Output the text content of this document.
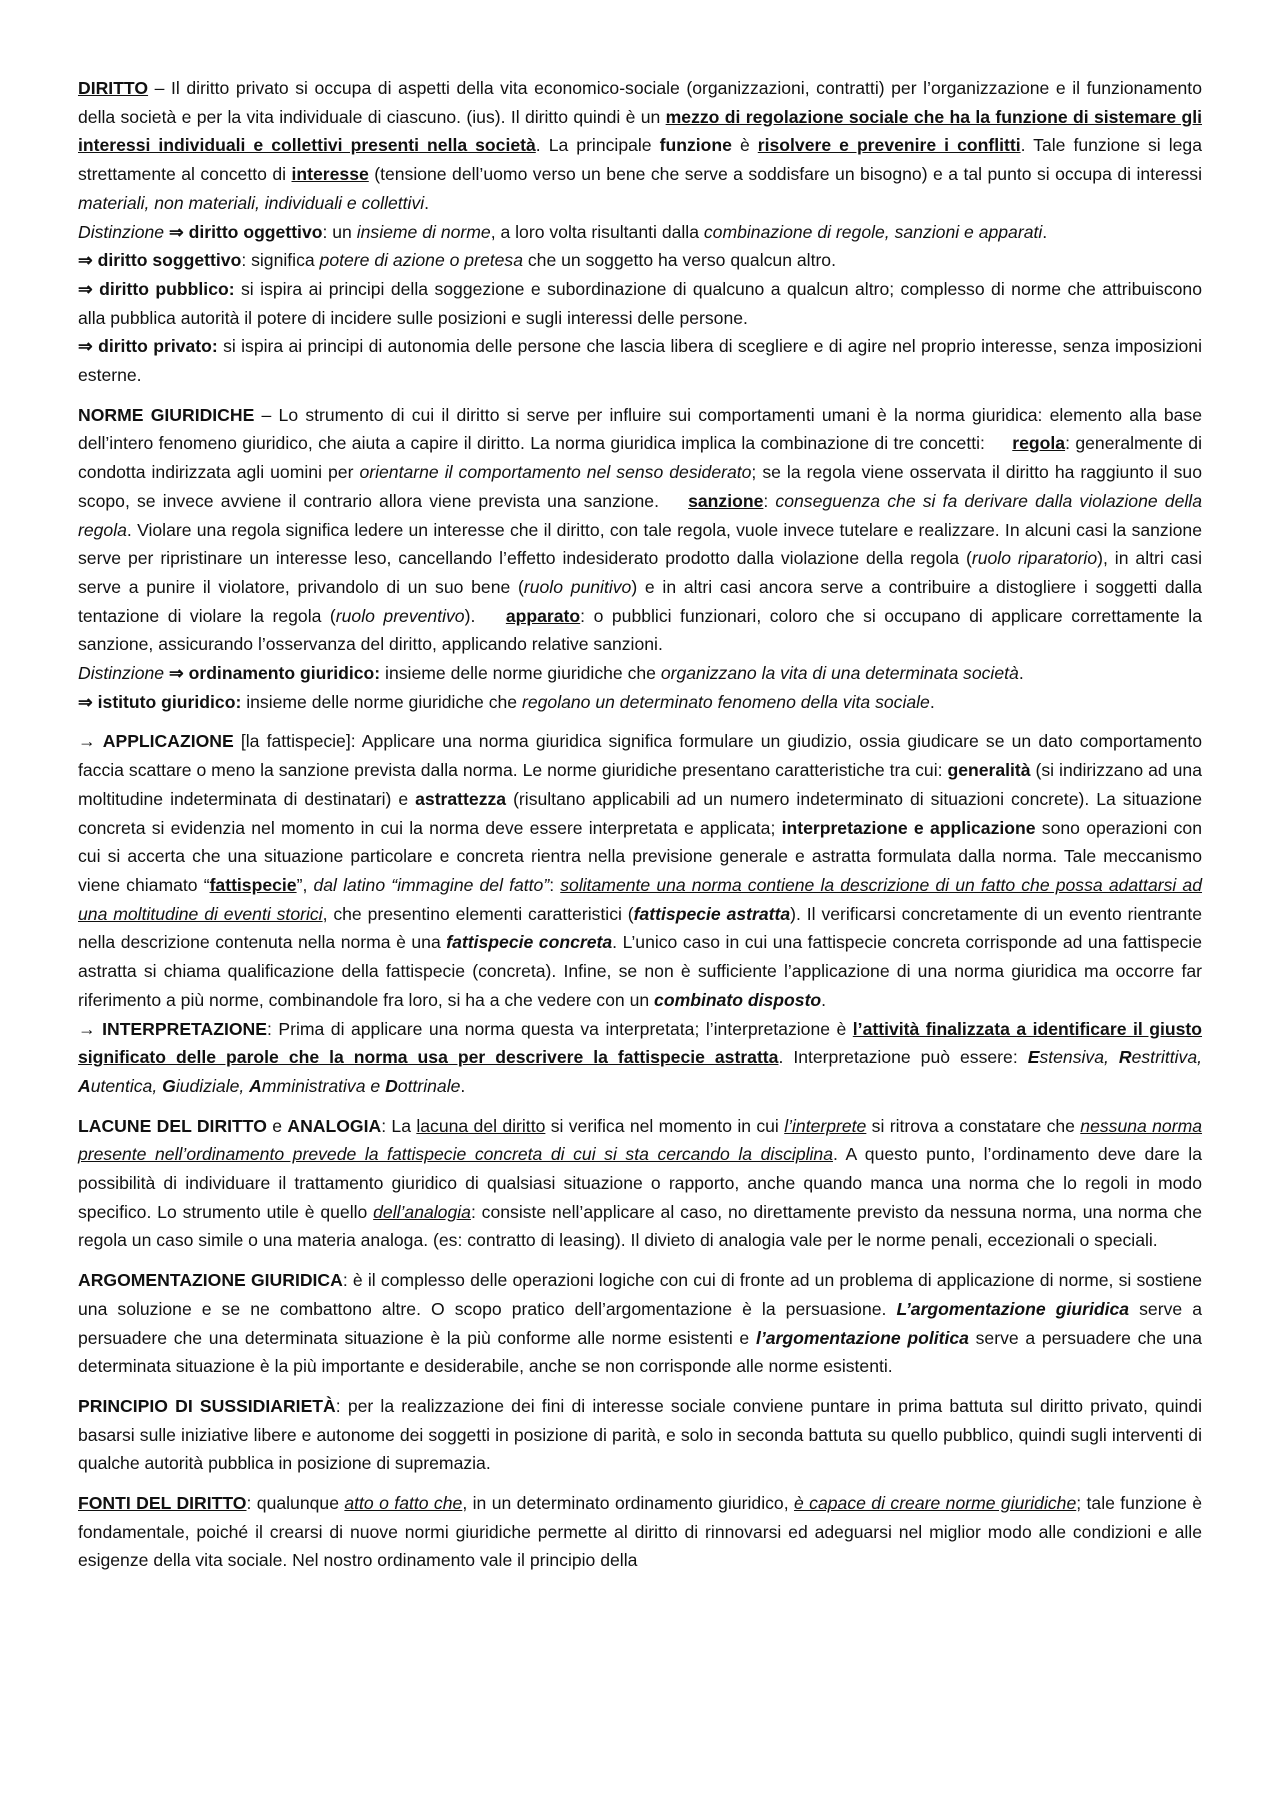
DIRITTO – Il diritto privato si occupa di aspetti della vita economico-sociale (organizzazioni, contratti) per l’organizzazione e il funzionamento della società e per la vita individuale di ciascuno. (ius). Il diritto quindi è un mezzo di regolazione sociale che ha la funzione di sistemare gli interessi individuali e collettivi presenti nella società. La principale funzione è risolvere e prevenire i conflitti. Tale funzione si lega strettamente al concetto di interesse (tensione dell’uomo verso un bene che serve a soddisfare un bisogno) e a tal punto si occupa di interessi materiali, non materiali, individuali e collettivi.

Distinzione ⇒ diritto oggettivo: un insieme di norme, a loro volta risultanti dalla combinazione di regole, sanzioni e apparati.

⇒ diritto soggettivo: significa potere di azione o pretesa che un soggetto ha verso qualcun altro.

⇒ diritto pubblico: si ispira ai principi della soggezione e subordinazione di qualcuno a qualcun altro; complesso di norme che attribuiscono alla pubblica autorità il potere di incidere sulle posizioni e sugli interessi delle persone.

⇒ diritto privato: si ispira ai principi di autonomia delle persone che lascia libera di scegliere e di agire nel proprio interesse, senza imposizioni esterne.

NORME GIURIDICHE – Lo strumento di cui il diritto si serve per influire sui comportamenti umani è la norma giuridica: elemento alla base dell’intero fenomeno giuridico, che aiuta a capire il diritto. La norma giuridica implica la combinazione di tre concetti: regola: generalmente di condotta indirizzata agli uomini per orientarne il comportamento nel senso desiderato; se la regola viene osservata il diritto ha raggiunto il suo scopo, se invece avviene il contrario allora viene prevista una sanzione. sanzione: conseguenza che si fa derivare dalla violazione della regola. Violare una regola significa ledere un interesse che il diritto, con tale regola, vuole invece tutelare e realizzare. In alcuni casi la sanzione serve per ripristinare un interesse leso, cancellando l’effetto indesiderato prodotto dalla violazione della regola (ruolo riparatorio), in altri casi serve a punire il violatore, privandolo di un suo bene (ruolo punitivo) e in altri casi ancora serve a contribuire a distogliere i soggetti dalla tentazione di violare la regola (ruolo preventivo). apparato: o pubblici funzionari, coloro che si occupano di applicare correttamente la sanzione, assicurando l’osservanza del diritto, applicando relative sanzioni.

Distinzione ⇒ ordinamento giuridico: insieme delle norme giuridiche che organizzano la vita di una determinata società.

⇒ istituto giuridico: insieme delle norme giuridiche che regolano un determinato fenomeno della vita sociale.

→ APPLICAZIONE [la fattispecie]: Applicare una norma giuridica significa formulare un giudizio, ossia giudicare se un dato comportamento faccia scattare o meno la sanzione prevista dalla norma. Le norme giuridiche presentano caratteristiche tra cui: generalità (si indirizzano ad una moltitudine indeterminata di destinatari) e astrattezza (risultano applicabili ad un numero indeterminato di situazioni concrete). La situazione concreta si evidenzia nel momento in cui la norma deve essere interpretata e applicata; interpretazione e applicazione sono operazioni con cui si accerta che una situazione particolare e concreta rientra nella previsione generale e astratta formulata dalla norma. Tale meccanismo viene chiamato “fattispecie”, dal latino “immagine del fatto”: solitamente una norma contiene la descrizione di un fatto che possa adattarsi ad una moltitudine di eventi storici, che presentino elementi caratteristici (fattispecie astratta). Il verificarsi concretamente di un evento rientrante nella descrizione contenuta nella norma è una fattispecie concreta. L’unico caso in cui una fattispecie concreta corrisponde ad una fattispecie astratta si chiama qualificazione della fattispecie (concreta). Infine, se non è sufficiente l’applicazione di una norma giuridica ma occorre far riferimento a più norme, combinandole fra loro, si ha a che vedere con un combinato disposto.

→ INTERPRETAZIONE: Prima di applicare una norma questa va interpretata; l’interpretazione è l’attività finalizzata a identificare il giusto significato delle parole che la norma usa per descrivere la fattispecie astratta. Interpretazione può essere: Estensiva, Restrittiva, Autentica, Giudiziale, Amministrativa e Dottrinale.

LACUNE DEL DIRITTO e ANALOGIA: La lacuna del diritto si verifica nel momento in cui l’interprete si ritrova a constatare che nessuna norma presente nell’ordinamento prevede la fattispecie concreta di cui si sta cercando la disciplina. A questo punto, l’ordinamento deve dare la possibilità di individuare il trattamento giuridico di qualsiasi situazione o rapporto, anche quando manca una norma che lo regoli in modo specifico. Lo strumento utile è quello dell’analogia: consiste nell’applicare al caso, no direttamente previsto da nessuna norma, una norma che regola un caso simile o una materia analoga. (es: contratto di leasing). Il divieto di analogia vale per le norme penali, eccezionali o speciali.

ARGOMENTAZIONE GIURIDICA: è il complesso delle operazioni logiche con cui di fronte ad un problema di applicazione di norme, si sostiene una soluzione e se ne combattono altre. O scopo pratico dell’argomentazione è la persuasione. L’argomentazione giuridica serve a persuadere che una determinata situazione è la più conforme alle norme esistenti e l’argomentazione politica serve a persuadere che una determinata situazione è la più importante e desiderabile, anche se non corrisponde alle norme esistenti.

PRINCIPIO DI SUSSIDIARIETÀ: per la realizzazione dei fini di interesse sociale conviene puntare in prima battuta sul diritto privato, quindi basarsi sulle iniziative libere e autonome dei soggetti in posizione di parità, e solo in seconda battuta su quello pubblico, quindi sugli interventi di qualche autorità pubblica in posizione di supremazia.

FONTI DEL DIRITTO: qualunque atto o fatto che, in un determinato ordinamento giuridico, è capace di creare norme giuridiche; tale funzione è fondamentale, poiché il crearsi di nuove normi giuridiche permette al diritto di rinnovarsi ed adeguarsi nel miglior modo alle condizioni e alle esigenze della vita sociale. Nel nostro ordinamento vale il principio della
